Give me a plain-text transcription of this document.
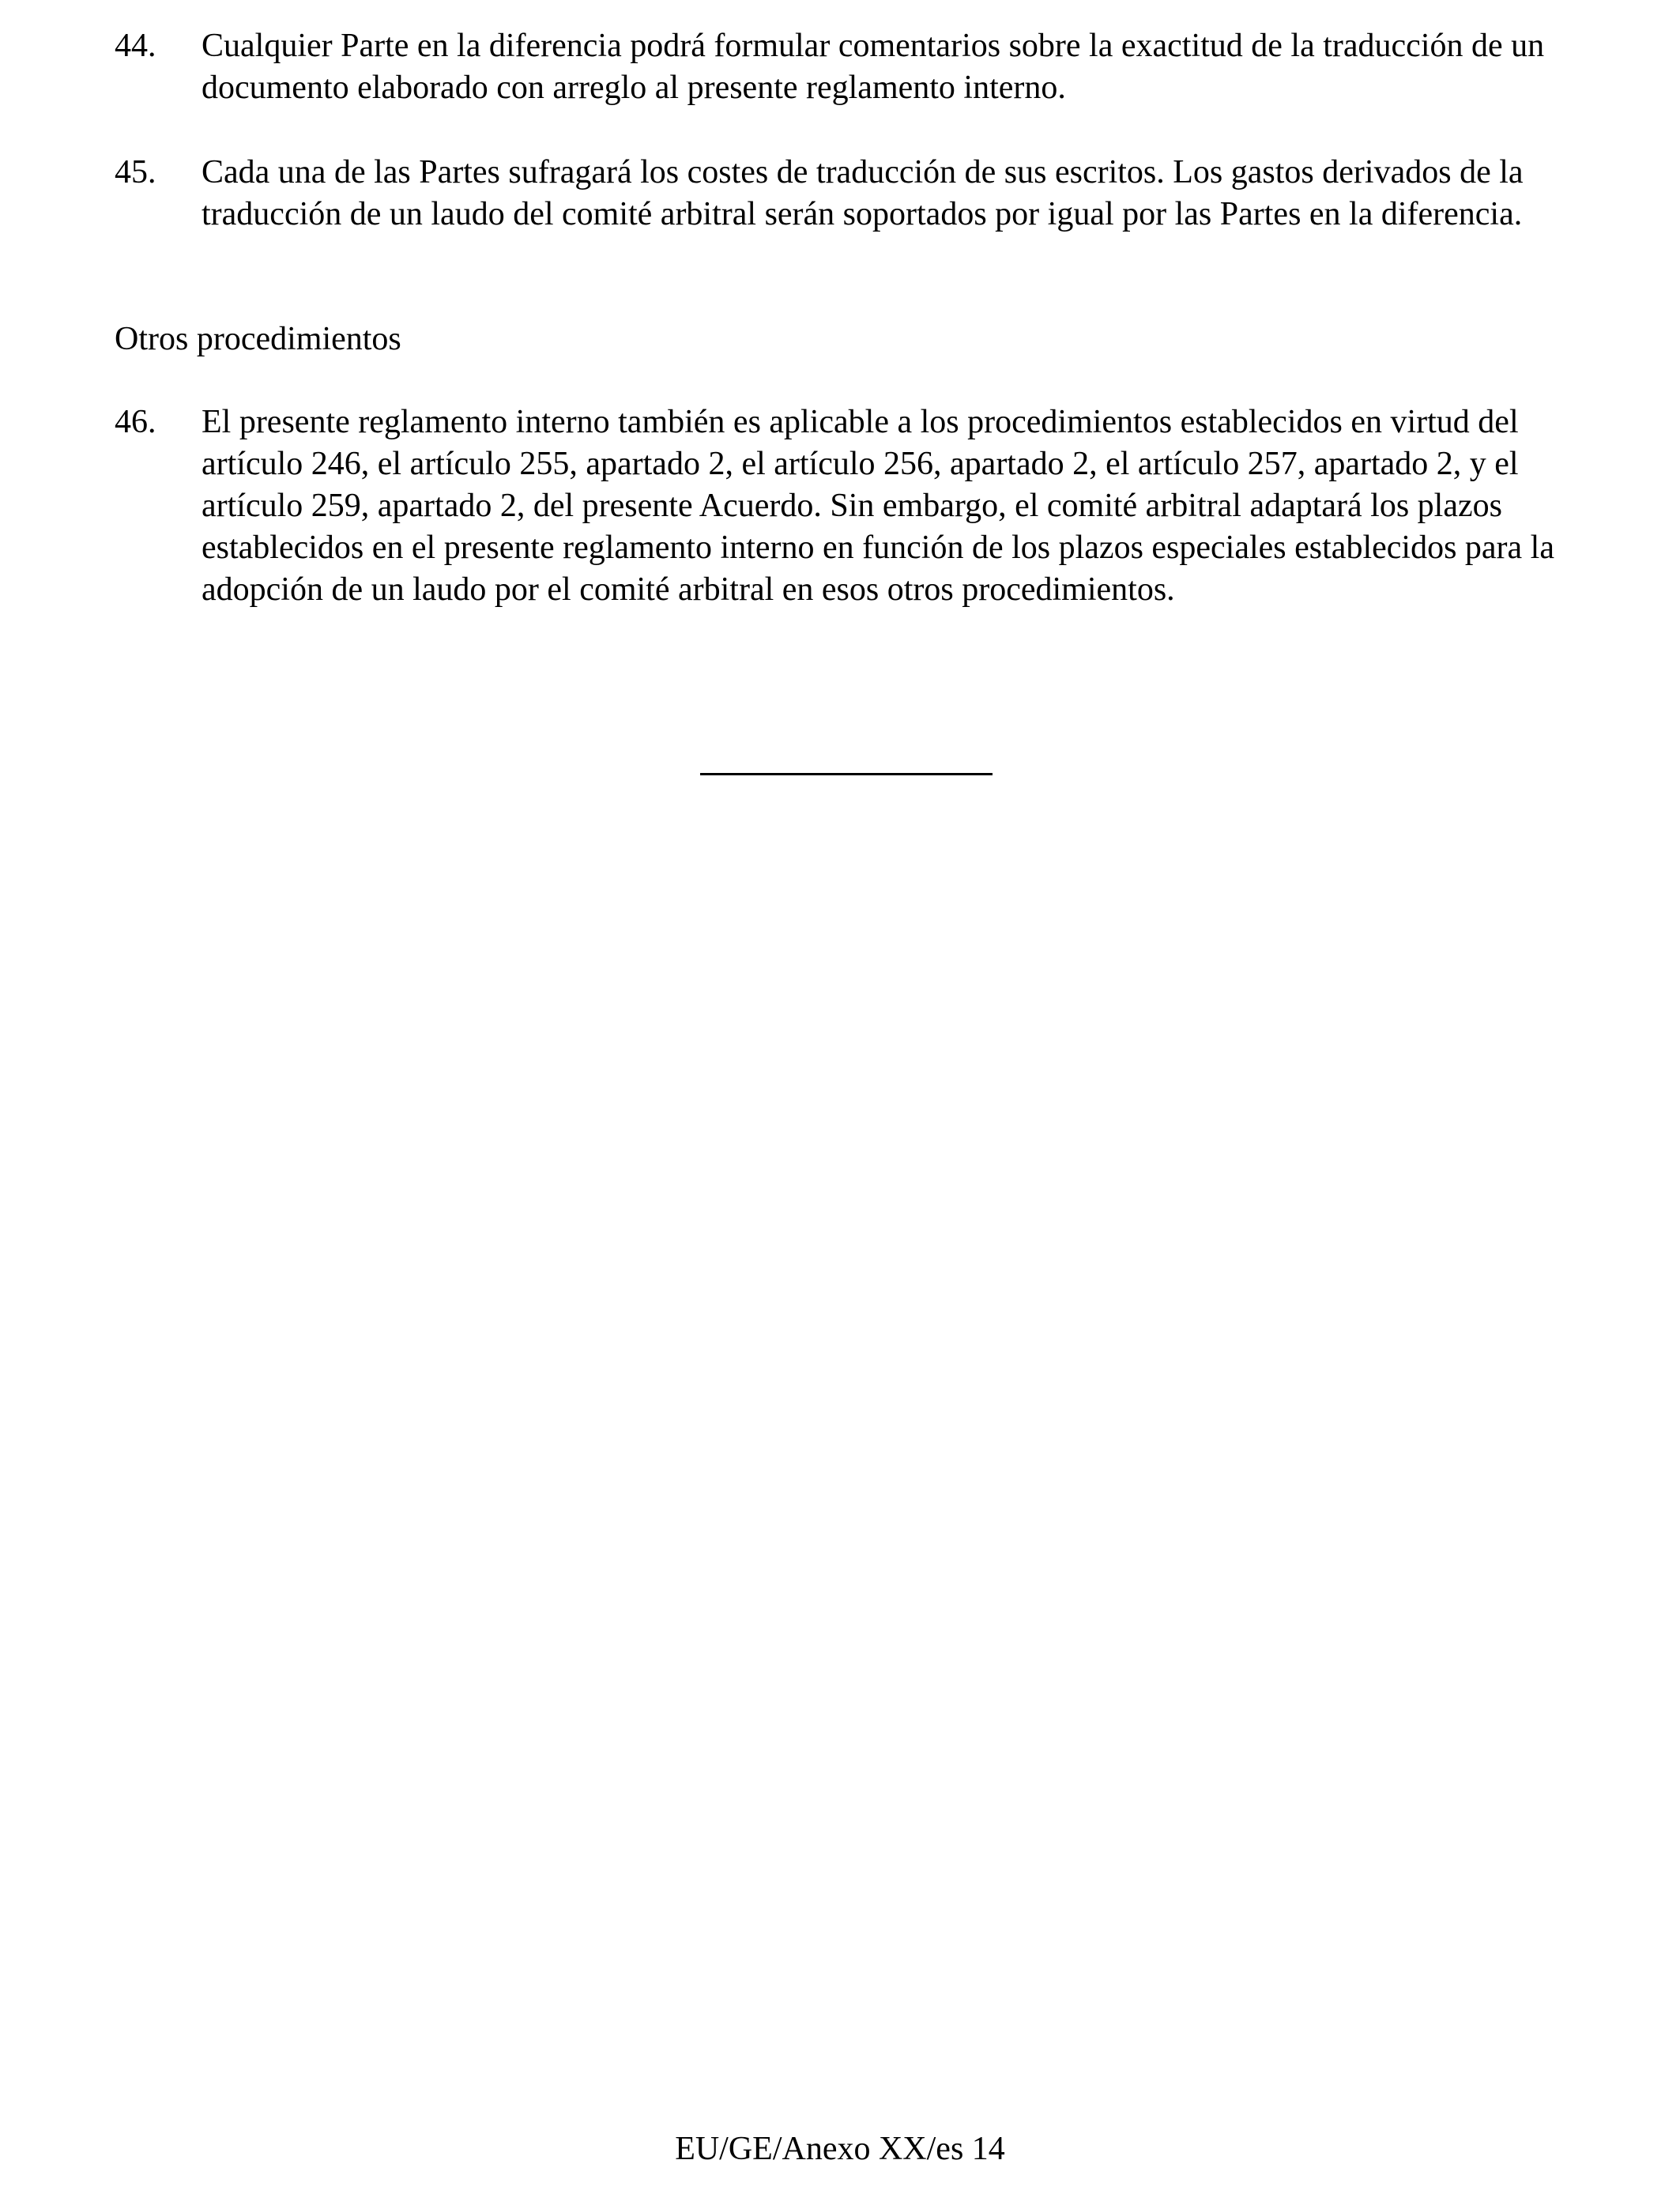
44.	Cualquier Parte en la diferencia podrá formular comentarios sobre la exactitud de la traducción de un documento elaborado con arreglo al presente reglamento interno.
45.	Cada una de las Partes sufragará los costes de traducción de sus escritos. Los gastos derivados de la traducción de un laudo del comité arbitral serán soportados por igual por las Partes en la diferencia.
Otros procedimientos
46.	El presente reglamento interno también es aplicable a los procedimientos establecidos en virtud del artículo 246, el artículo 255, apartado 2, el artículo 256, apartado 2, el artículo 257, apartado 2, y el artículo 259, apartado 2, del presente Acuerdo. Sin embargo, el comité arbitral adaptará los plazos establecidos en el presente reglamento interno en función de los plazos especiales establecidos para la adopción de un laudo por el comité arbitral en esos otros procedimientos.
EU/GE/Anexo XX/es 14
